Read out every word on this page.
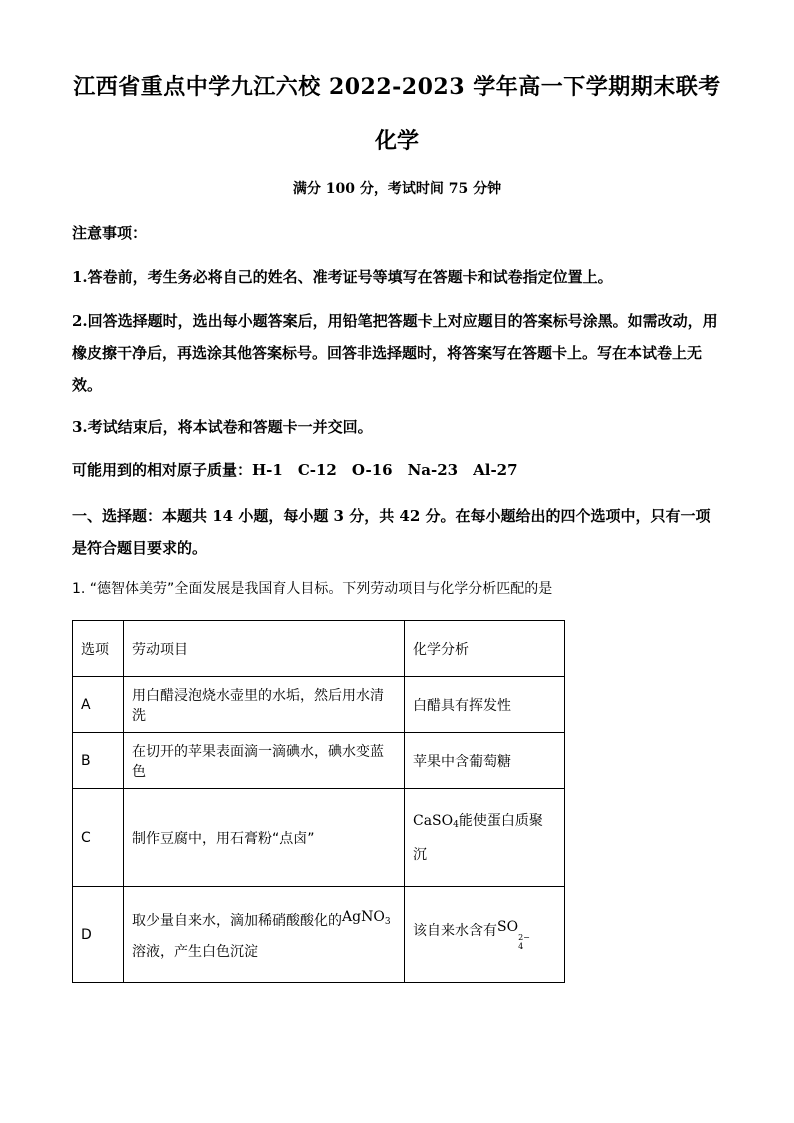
江西省重点中学九江六校 2022-2023 学年高一下学期期末联考
化学
满分 100 分，考试时间 75 分钟
注意事项：
1.答卷前，考生务必将自己的姓名、准考证号等填写在答题卡和试卷指定位置上。
2.回答选择题时，选出每小题答案后，用铅笔把答题卡上对应题目的答案标号涂黑。如需改动，用橡皮擦干净后，再选涂其他答案标号。回答非选择题时，将答案写在答题卡上。写在本试卷上无效。
3.考试结束后，将本试卷和答题卡一并交回。
可能用到的相对原子质量：H-1　C-12　O-16　Na-23　Al-27
一、选择题：本题共 14 小题，每小题 3 分，共 42 分。在每小题给出的四个选项中，只有一项是符合题目要求的。
1. “德智体美劳”全面发展是我国育人目标。下列劳动项目与化学分析匹配的是
选项	劳动项目	化学分析
A	用白醋浸泡烧水壶里的水垢，然后用水清洗	白醋具有挥发性
B	在切开的苹果表面滴一滴碘水，碘水变蓝色	苹果中含葡萄糖
C	制作豆腐中，用石膏粉“点卤”	CaSO$_4$能使蛋白质聚沉
D	取少量自来水，滴加稀硝酸酸化的AgNO3溶液，产生白色沉淀	该自来水含有SO
2−
4
